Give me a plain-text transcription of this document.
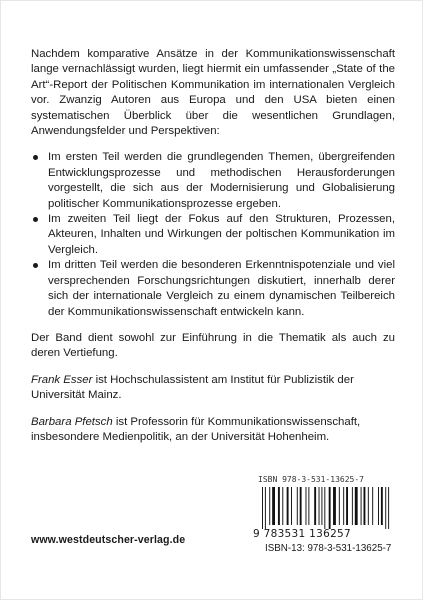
Nachdem komparative Ansätze in der Kommunikationswissenschaft lange vernachlässigt wurden, liegt hiermit ein umfassender „State of the Art“-Report der Politischen Kommunikation im internationalen Vergleich vor. Zwanzig Autoren aus Europa und den USA bieten einen systematischen Überblick über die wesentlichen Grundlagen, Anwendungsfelder und Perspektiven:

Im ersten Teil werden die grundlegenden Themen, übergreifenden Entwicklungsprozesse und methodischen Herausforderungen vorgestellt, die sich aus der Modernisierung und Globalisierung politischer Kommunikationsprozesse ergeben.
Im zweiten Teil liegt der Fokus auf den Strukturen, Prozessen, Akteuren, Inhalten und Wirkungen der poltischen Kommunikation im Vergleich.
Im dritten Teil werden die besonderen Erkenntnispotenziale und viel versprechenden Forschungsrichtungen diskutiert, innerhalb derer sich der internationale Vergleich zu einem dynamischen Teilbereich der Kommunikationswissenschaft entwickeln kann.

Der Band dient sowohl zur Einführung in die Thematik als auch zu deren Vertiefung.

Frank Esser ist Hochschulassistent am Institut für Publizistik der Universität Mainz.

Barbara Pfetsch ist Professorin für Kommunikationswissenschaft, insbesondere Medienpolitik, an der Universität Hohenheim.

www.westdeutscher-verlag.de
ISBN 978-3-531-13625-7
9 783531 136257
ISBN-13: 978-3-531-13625-7
